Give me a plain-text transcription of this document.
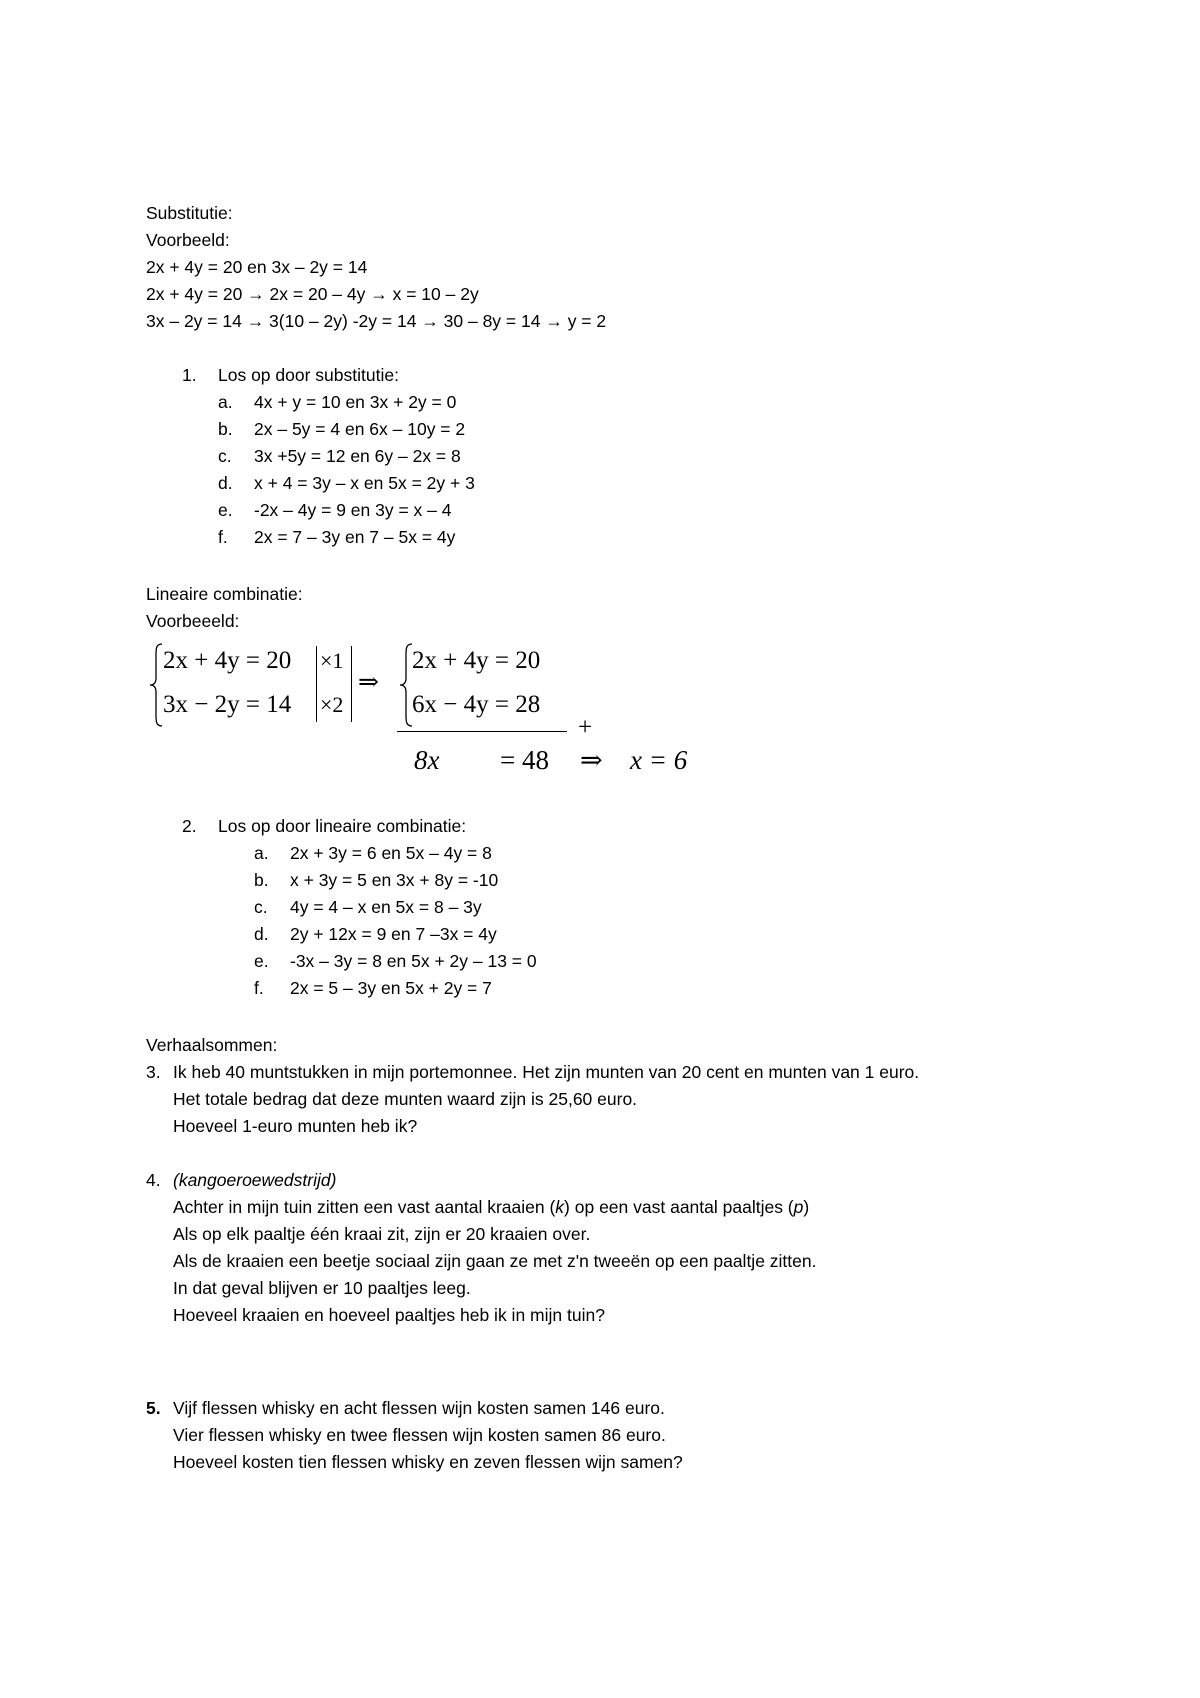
Substitutie:
Voorbeeld:
2x + 4y = 20 en 3x – 2y = 14
2x + 4y = 20 → 2x = 20 – 4y → x = 10 – 2y
3x – 2y = 14 → 3(10 – 2y) -2y = 14 → 30 – 8y = 14 → y = 2
1. Los op door substitutie:
a. 4x + y = 10 en 3x + 2y = 0
b. 2x – 5y = 4 en 6x – 10y = 2
c. 3x +5y = 12 en 6y – 2x = 8
d. x + 4 = 3y – x en 5x = 2y + 3
e. -2x – 4y = 9 en 3y = x – 4
f. 2x = 7 – 3y en 7 – 5x = 4y
Lineaire combinatie:
Voorbeeeld:
2x + 4y = 20
3x − 2y = 14
×1
×2
⇒
2x + 4y = 20
6x − 4y = 28
+
8x = 48 ⇒ x = 6
2. Los op door lineaire combinatie:
a. 2x + 3y = 6 en 5x – 4y = 8
b. x + 3y = 5 en 3x + 8y = -10
c. 4y = 4 – x en 5x = 8 – 3y
d. 2y + 12x = 9 en 7 –3x = 4y
e. -3x – 3y = 8 en 5x + 2y – 13 = 0
f. 2x = 5 – 3y en 5x + 2y = 7
Verhaalsommen:
3. Ik heb 40 muntstukken in mijn portemonnee. Het zijn munten van 20 cent en munten van 1 euro.
Het totale bedrag dat deze munten waard zijn is 25,60 euro.
Hoeveel 1-euro munten heb ik?
4. (kangoeroewedstrijd)
Achter in mijn tuin zitten een vast aantal kraaien (k) op een vast aantal paaltjes (p)
Als op elk paaltje één kraai zit, zijn er 20 kraaien over.
Als de kraaien een beetje sociaal zijn gaan ze met z'n tweeën op een paaltje zitten.
In dat geval blijven er 10 paaltjes leeg.
Hoeveel kraaien en hoeveel paaltjes heb ik in mijn tuin?
5. Vijf flessen whisky en acht flessen wijn kosten samen 146 euro.
Vier flessen whisky en twee flessen wijn kosten samen 86 euro.
Hoeveel kosten tien flessen whisky en zeven flessen wijn samen?
